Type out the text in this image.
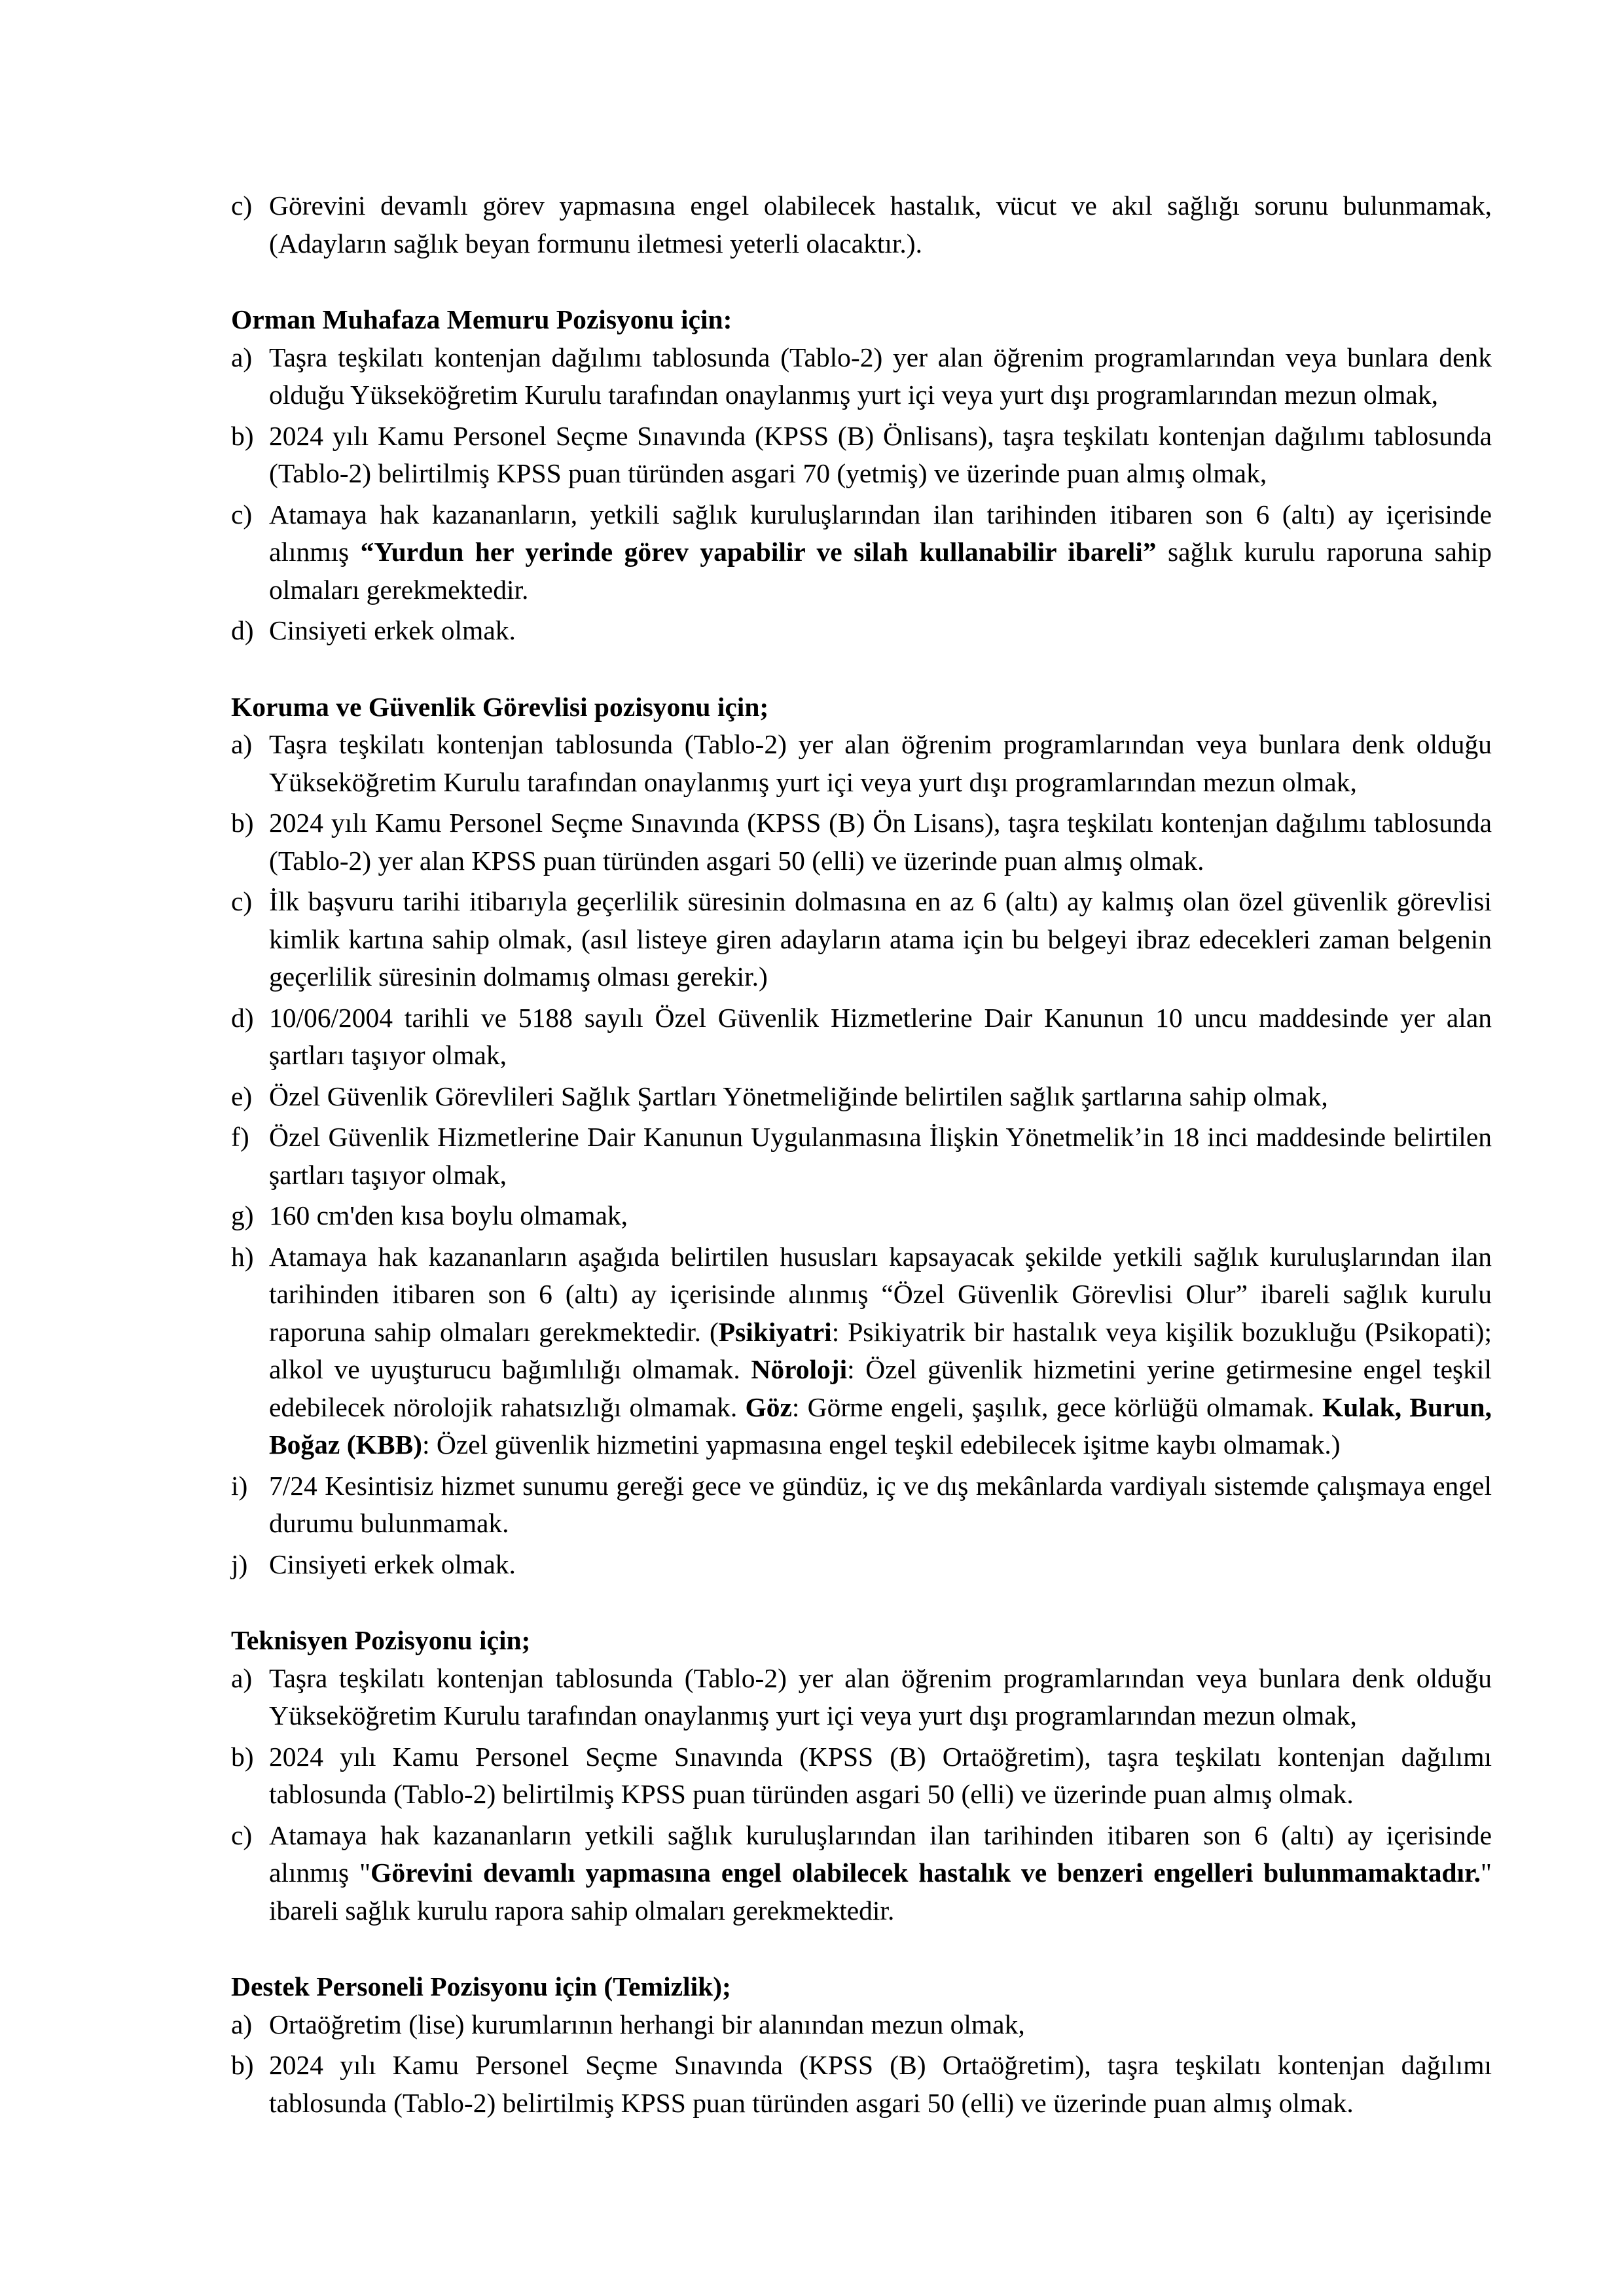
c) Görevini devamlı görev yapmasına engel olabilecek hastalık, vücut ve akıl sağlığı sorunu bulunmamak, (Adayların sağlık beyan formunu iletmesi yeterli olacaktır.).
Orman Muhafaza Memuru Pozisyonu için:
a) Taşra teşkilatı kontenjan dağılımı tablosunda (Tablo-2) yer alan öğrenim programlarından veya bunlara denk olduğu Yükseköğretim Kurulu tarafından onaylanmış yurt içi veya yurt dışı programlarından mezun olmak,
b) 2024 yılı Kamu Personel Seçme Sınavında (KPSS (B) Önlisans), taşra teşkilatı kontenjan dağılımı tablosunda (Tablo-2) belirtilmiş KPSS puan türünden asgari 70 (yetmiş) ve üzerinde puan almış olmak,
c) Atamaya hak kazananların, yetkili sağlık kuruluşlarından ilan tarihinden itibaren son 6 (altı) ay içerisinde alınmış “Yurdun her yerinde görev yapabilir ve silah kullanabilir ibareli” sağlık kurulu raporuna sahip olmaları gerekmektedir.
d) Cinsiyeti erkek olmak.
Koruma ve Güvenlik Görevlisi pozisyonu için;
a) Taşra teşkilatı kontenjan tablosunda (Tablo-2) yer alan öğrenim programlarından veya bunlara denk olduğu Yükseköğretim Kurulu tarafından onaylanmış yurt içi veya yurt dışı programlarından mezun olmak,
b) 2024 yılı Kamu Personel Seçme Sınavında (KPSS (B) Ön Lisans), taşra teşkilatı kontenjan dağılımı tablosunda (Tablo-2) yer alan KPSS puan türünden asgari 50 (elli) ve üzerinde puan almış olmak.
c) İlk başvuru tarihi itibarıyla geçerlilik süresinin dolmasına en az 6 (altı) ay kalmış olan özel güvenlik görevlisi kimlik kartına sahip olmak, (asıl listeye giren adayların atama için bu belgeyi ibraz edecekleri zaman belgenin geçerlilik süresinin dolmamış olması gerekir.)
d) 10/06/2004 tarihli ve 5188 sayılı Özel Güvenlik Hizmetlerine Dair Kanunun 10 uncu maddesinde yer alan şartları taşıyor olmak,
e) Özel Güvenlik Görevlileri Sağlık Şartları Yönetmeliğinde belirtilen sağlık şartlarına sahip olmak,
f) Özel Güvenlik Hizmetlerine Dair Kanunun Uygulanmasına İlişkin Yönetmelik’in 18 inci maddesinde belirtilen şartları taşıyor olmak,
g) 160 cm'den kısa boylu olmamak,
h) Atamaya hak kazananların aşağıda belirtilen hususları kapsayacak şekilde yetkili sağlık kuruluşlarından ilan tarihinden itibaren son 6 (altı) ay içerisinde alınmış “Özel Güvenlik Görevlisi Olur” ibareli sağlık kurulu raporuna sahip olmaları gerekmektedir. (Psikiyatri: Psikiyatrik bir hastalık veya kişilik bozukluğu (Psikopati); alkol ve uyuşturucu bağımlılığı olmamak. Nöroloji: Özel güvenlik hizmetini yerine getirmesine engel teşkil edebilecek nörolojik rahatsızlığı olmamak. Göz: Görme engeli, şaşılık, gece körlüğü olmamak. Kulak, Burun, Boğaz (KBB): Özel güvenlik hizmetini yapmasına engel teşkil edebilecek işitme kaybı olmamak.)
i) 7/24 Kesintisiz hizmet sunumu gereği gece ve gündüz, iç ve dış mekânlarda vardiyalı sistemde çalışmaya engel durumu bulunmamak.
j) Cinsiyeti erkek olmak.
Teknisyen Pozisyonu için;
a) Taşra teşkilatı kontenjan tablosunda (Tablo-2) yer alan öğrenim programlarından veya bunlara denk olduğu Yükseköğretim Kurulu tarafından onaylanmış yurt içi veya yurt dışı programlarından mezun olmak,
b) 2024 yılı Kamu Personel Seçme Sınavında (KPSS (B) Ortaöğretim), taşra teşkilatı kontenjan dağılımı tablosunda (Tablo-2) belirtilmiş KPSS puan türünden asgari 50 (elli) ve üzerinde puan almış olmak.
c) Atamaya hak kazananların yetkili sağlık kuruluşlarından ilan tarihinden itibaren son 6 (altı) ay içerisinde alınmış "Görevini devamlı yapmasına engel olabilecek hastalık ve benzeri engelleri bulunmamaktadır." ibareli sağlık kurulu rapora sahip olmaları gerekmektedir.
Destek Personeli Pozisyonu için (Temizlik);
a) Ortaöğretim (lise) kurumlarının herhangi bir alanından mezun olmak,
b) 2024 yılı Kamu Personel Seçme Sınavında (KPSS (B) Ortaöğretim), taşra teşkilatı kontenjan dağılımı tablosunda (Tablo-2) belirtilmiş KPSS puan türünden asgari 50 (elli) ve üzerinde puan almış olmak.
